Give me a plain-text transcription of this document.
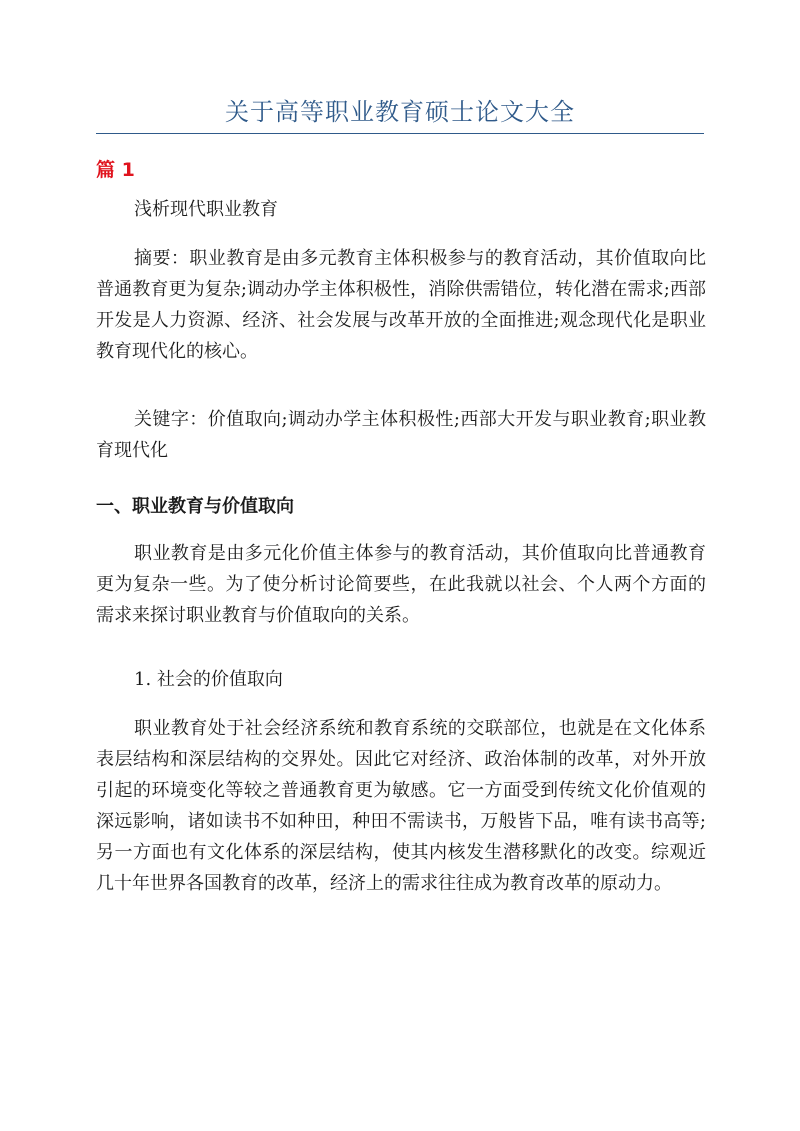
关于高等职业教育硕士论文大全
篇 1

浅析现代职业教育

摘要：职业教育是由多元教育主体积极参与的教育活动，其价值取向比普通教育更为复杂;调动办学主体积极性，消除供需错位，转化潜在需求;西部开发是人力资源、经济、社会发展与改革开放的全面推进;观念现代化是职业教育现代化的核心。

关键字：价值取向;调动办学主体积极性;西部大开发与职业教育;职业教育现代化

一、职业教育与价值取向

职业教育是由多元化价值主体参与的教育活动，其价值取向比普通教育更为复杂一些。为了使分析讨论简要些，在此我就以社会、个人两个方面的需求来探讨职业教育与价值取向的关系。

1. 社会的价值取向

职业教育处于社会经济系统和教育系统的交联部位，也就是在文化体系表层结构和深层结构的交界处。因此它对经济、政治体制的改革，对外开放引起的环境变化等较之普通教育更为敏感。它一方面受到传统文化价值观的深远影响，诸如读书不如种田，种田不需读书，万般皆下品，唯有读书高等;另一方面也有文化体系的深层结构，使其内核发生潜移默化的改变。综观近几十年世界各国教育的改革，经济上的需求往往成为教育改革的原动力。
